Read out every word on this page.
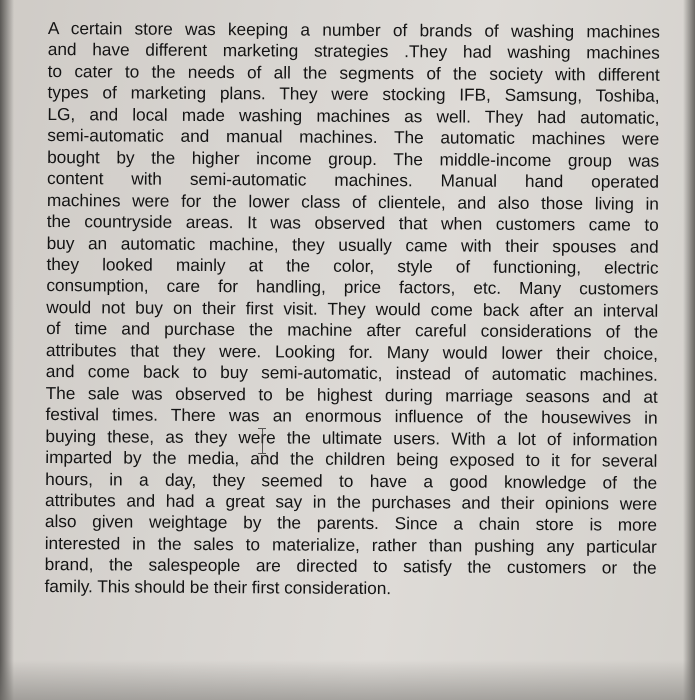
A certain store was keeping a number of brands of washing machines
and have different marketing strategies .They had washing machines
to cater to the needs of all the segments of the society with different
types of marketing plans. They were stocking IFB, Samsung, Toshiba,
LG, and local made washing machines as well. They had automatic,
semi-automatic and manual machines. The automatic machines were
bought by the higher income group. The middle-income group was
content with semi-automatic machines. Manual hand operated
machines were for the lower class of clientele, and also those living in
the countryside areas. It was observed that when customers came to
buy an automatic machine, they usually came with their spouses and
they looked mainly at the color, style of functioning, electric
consumption, care for handling, price factors, etc. Many customers
would not buy on their first visit. They would come back after an interval
of time and purchase the machine after careful considerations of the
attributes that they were. Looking for. Many would lower their choice,
and come back to buy semi-automatic, instead of automatic machines.
The sale was observed to be highest during marriage seasons and at
festival times. There was an enormous influence of the housewives in
buying these, as they were the ultimate users. With a lot of information
imparted by the media, and the children being exposed to it for several
hours, in a day, they seemed to have a good knowledge of the
attributes and had a great say in the purchases and their opinions were
also given weightage by the parents. Since a chain store is more
interested in the sales to materialize, rather than pushing any particular
brand, the salespeople are directed to satisfy the customers or the
family. This should be their first consideration.
